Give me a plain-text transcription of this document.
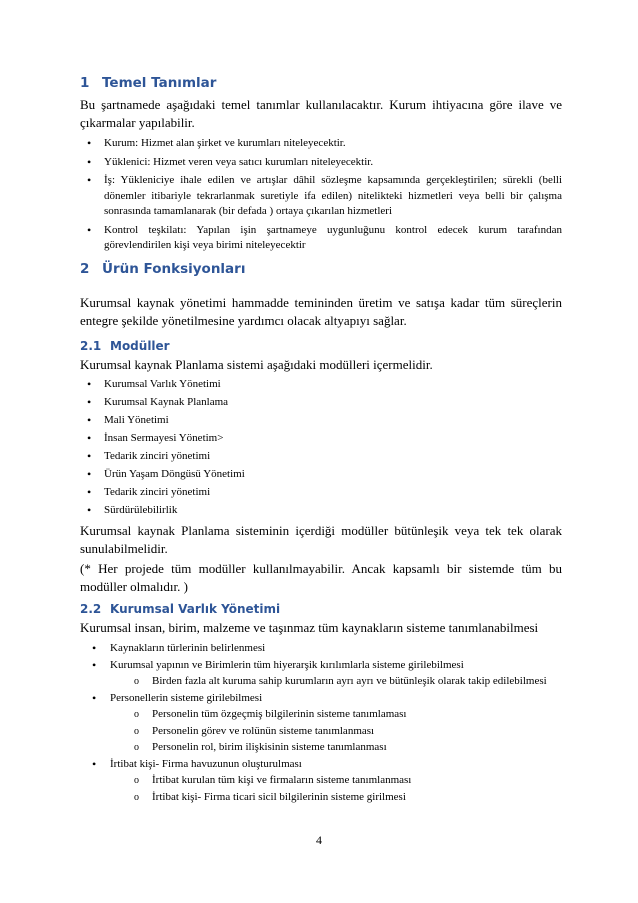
1 Temel Tanımlar

Bu şartnamede aşağıdaki temel tanımlar kullanılacaktır. Kurum ihtiyacına göre ilave ve çıkarmalar yapılabilir.

• Kurum: Hizmet alan şirket ve kurumları niteleyecektir.
• Yüklenici: Hizmet veren veya satıcı kurumları niteleyecektir.
• İş: Yükleniciye ihale edilen ve artışlar dâhil sözleşme kapsamında gerçekleştirilen; sürekli (belli dönemler itibariyle tekrarlanmak suretiyle ifa edilen) nitelikteki hizmetleri veya belli bir çalışma sonrasında tamamlanarak (bir defada ) ortaya çıkarılan hizmetleri
• Kontrol teşkilatı: Yapılan işin şartnameye uygunluğunu kontrol edecek kurum tarafından görevlendirilen kişi veya birimi niteleyecektir
2 Ürün Fonksiyonları

Kurumsal kaynak yönetimi hammadde temininden üretim ve satışa kadar tüm süreçlerin entegre şekilde yönetilmesine yardımcı olacak altyapıyı sağlar.

2.1 Modüller

Kurumsal kaynak Planlama sistemi aşağıdaki modülleri içermelidir.

• Kurumsal Varlık Yönetimi
• Kurumsal Kaynak Planlama
• Mali Yönetimi
• İnsan Sermayesi Yönetim>
• Tedarik zinciri yönetimi
• Ürün Yaşam Döngüsü Yönetimi
• Tedarik zinciri yönetimi
• Sürdürülebilirlik

Kurumsal kaynak Planlama sisteminin içerdiği modüller bütünleşik veya tek tek olarak sunulabilmelidir.

(* Her projede tüm modüller kullanılmayabilir. Ancak kapsamlı bir sistemde tüm bu modüller olmalıdır. )

2.2 Kurumsal Varlık Yönetimi

Kurumsal insan, birim, malzeme ve taşınmaz tüm kaynakların sisteme tanımlanabilmesi

• Kaynakların türlerinin belirlenmesi
• Kurumsal yapının ve Birimlerin tüm hiyerarşik kırılımlarla sisteme girilebilmesi
o Birden fazla alt kuruma sahip kurumların ayrı ayrı ve bütünleşik olarak takip edilebilmesi
• Personellerin sisteme girilebilmesi
o Personelin tüm özgeçmiş bilgilerinin sisteme tanımlaması
o Personelin görev ve rolünün sisteme tanımlanması
o Personelin rol, birim ilişkisinin sisteme tanımlanması
• İrtibat kişi- Firma havuzunun oluşturulması
o İrtibat kurulan tüm kişi ve firmaların sisteme tanımlanması
o İrtibat kişi- Firma ticari sicil bilgilerinin sisteme girilmesi
4
